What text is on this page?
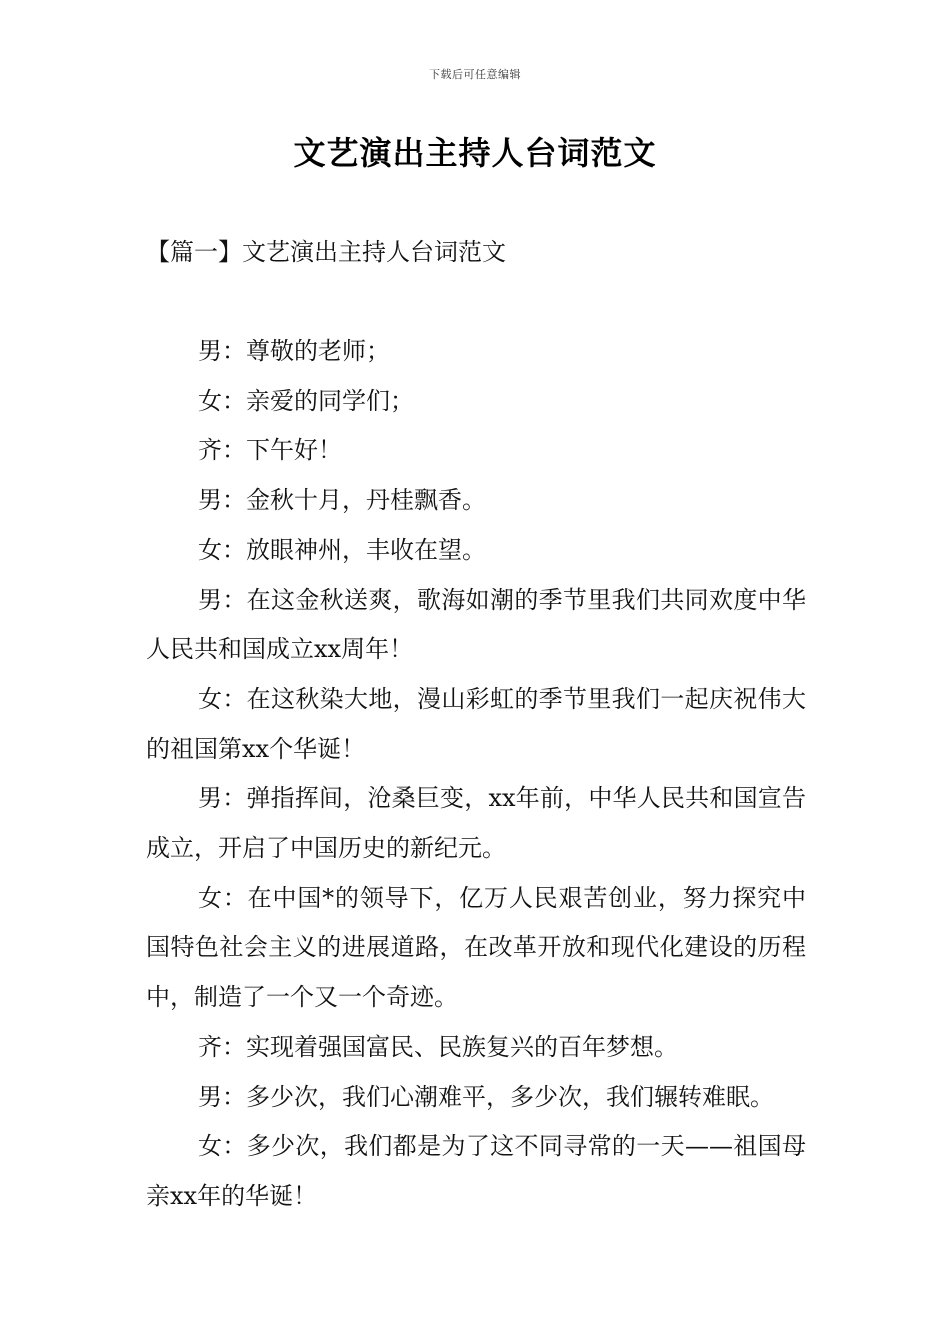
下载后可任意编辑
文艺演出主持人台词范文
【篇一】文艺演出主持人台词范文

男：尊敬的老师；

女：亲爱的同学们；

齐：下午好！

男：金秋十月，丹桂飘香。

女：放眼神州，丰收在望。

男：在这金秋送爽，歌海如潮的季节里我们共同欢度中华人民共和国成立xx周年！

女：在这秋染大地，漫山彩虹的季节里我们一起庆祝伟大的祖国第xx个华诞！

男：弹指挥间，沧桑巨变，xx年前，中华人民共和国宣告成立，开启了中国历史的新纪元。

女：在中国*的领导下，亿万人民艰苦创业，努力探究中国特色社会主义的进展道路，在改革开放和现代化建设的历程中，制造了一个又一个奇迹。

齐：实现着强国富民、民族复兴的百年梦想。

男：多少次，我们心潮难平，多少次，我们辗转难眠。

女：多少次，我们都是为了这不同寻常的一天——祖国母亲xx年的华诞！
